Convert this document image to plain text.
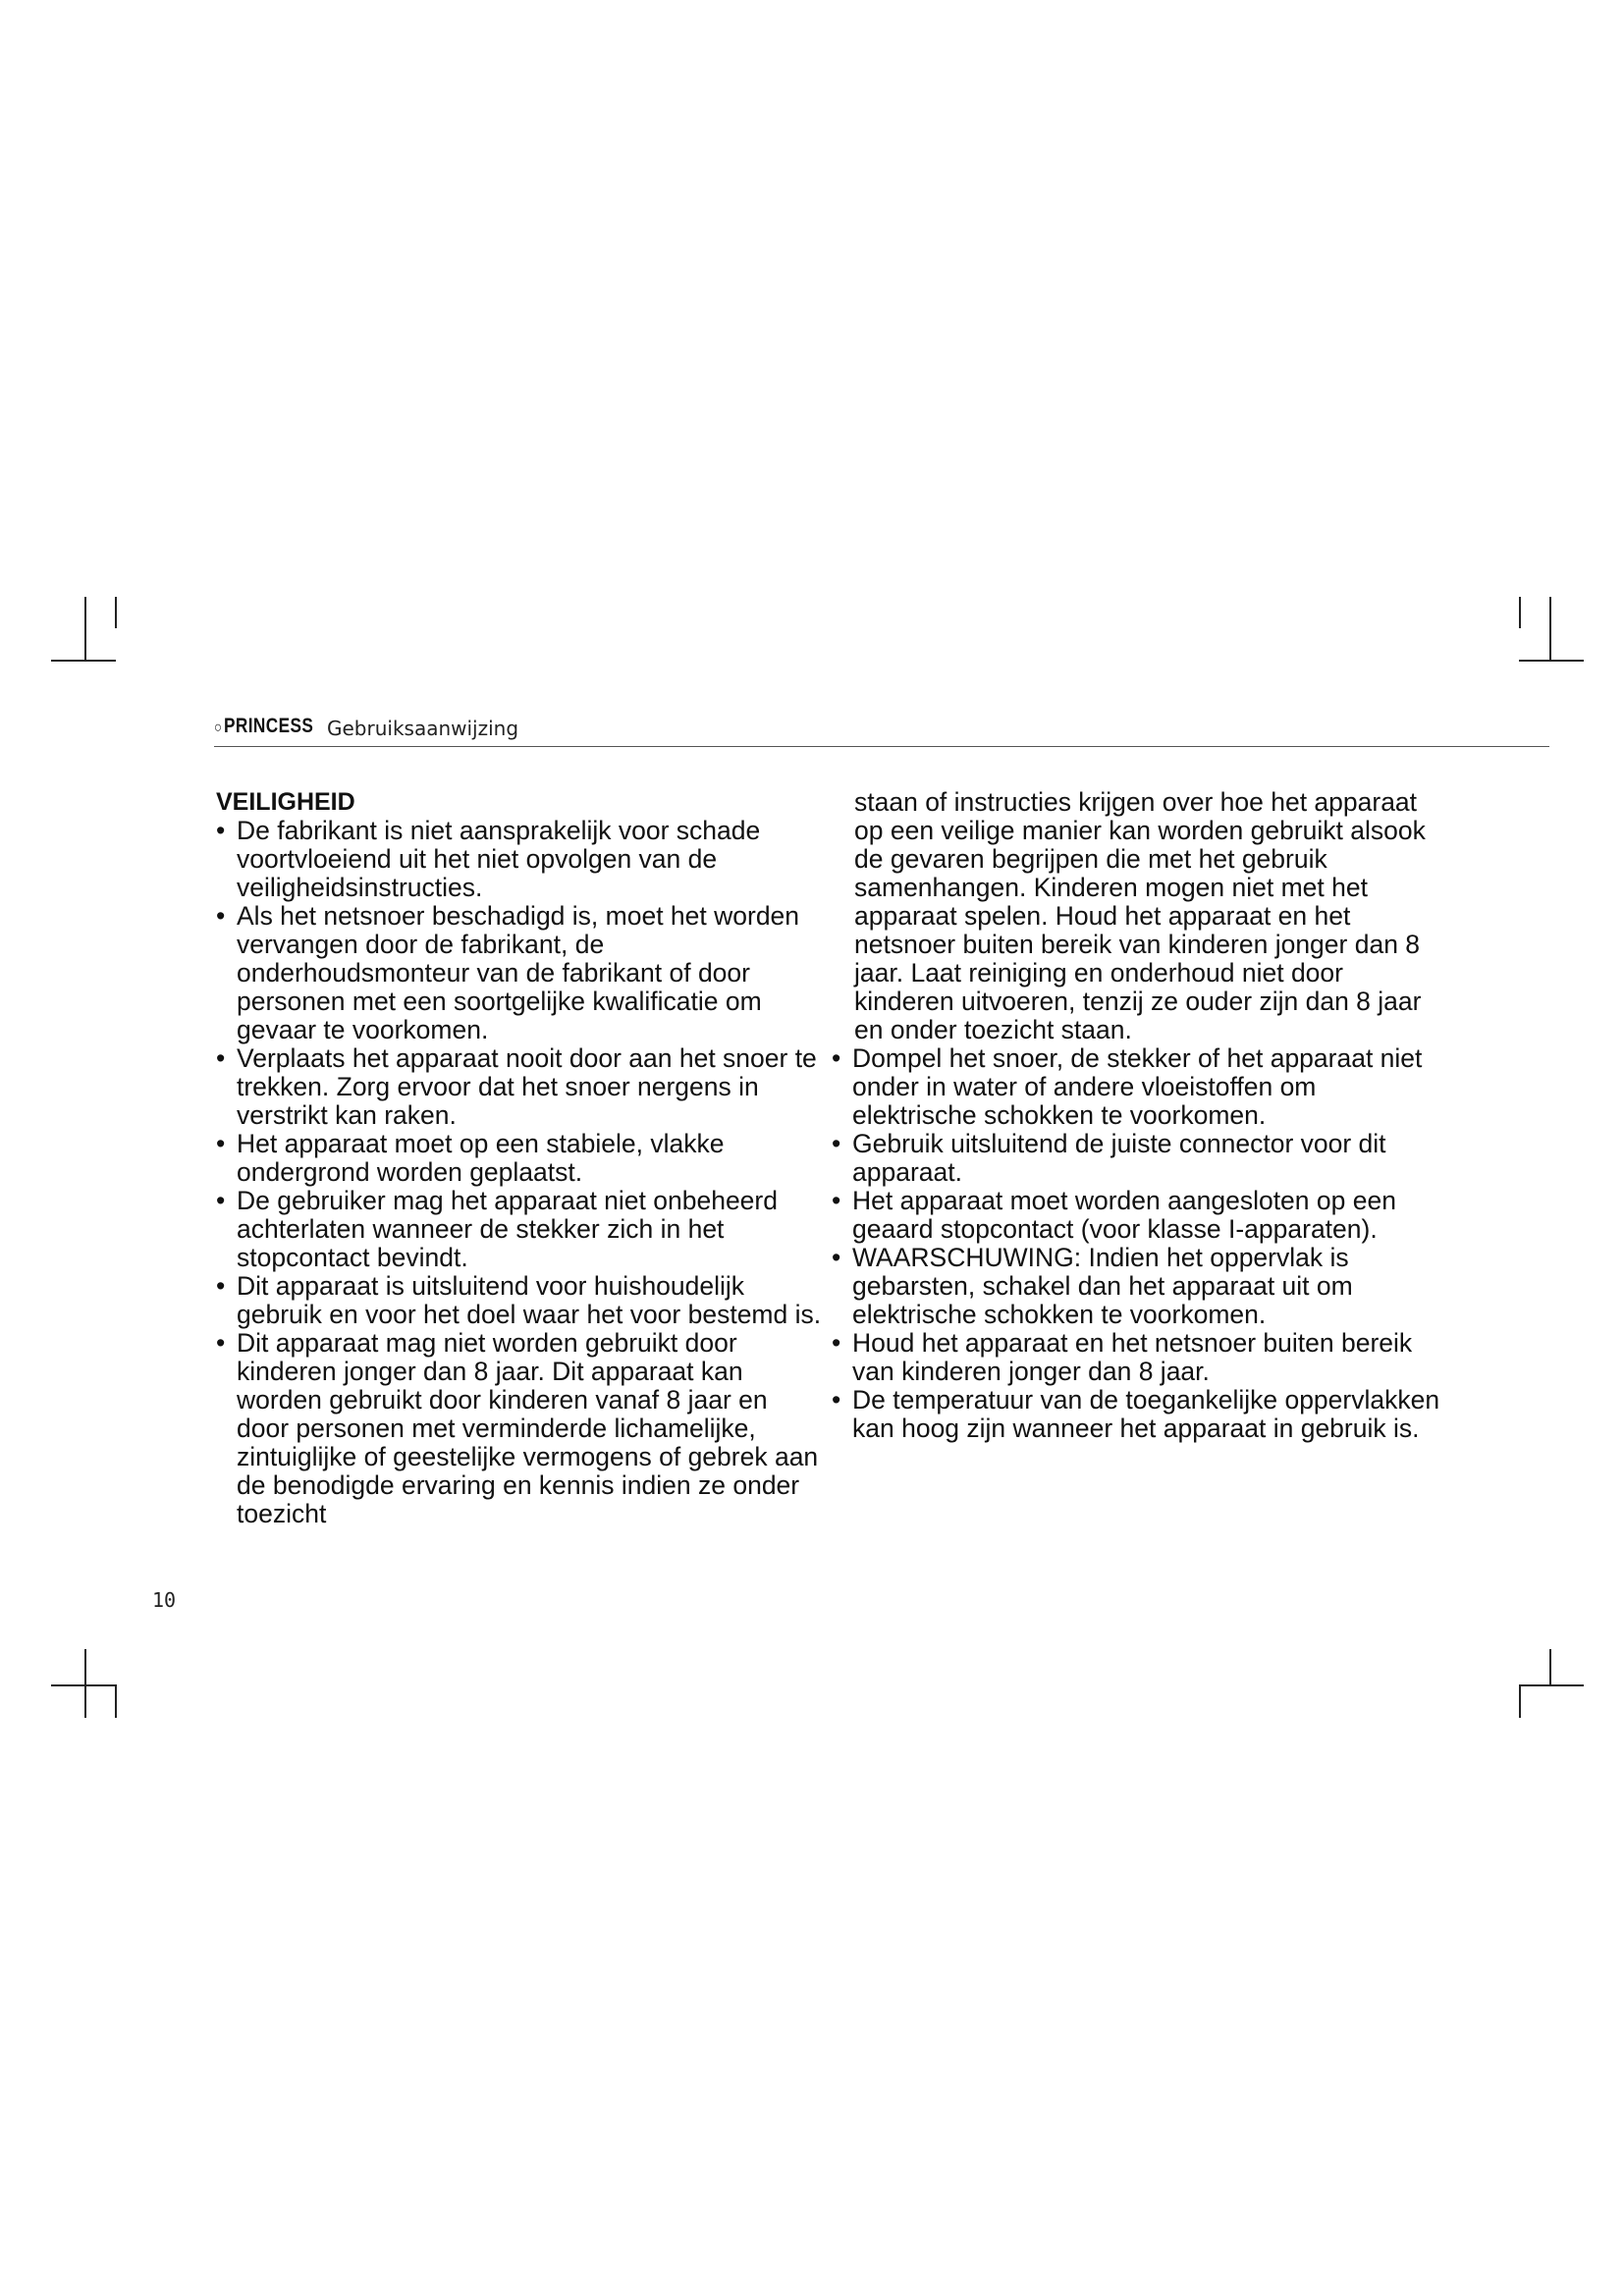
○PRINCESS Gebruiksaanwijzing
VEILIGHEID
• De fabrikant is niet aansprakelijk voor schade voortvloeiend uit het niet opvolgen van de veiligheidsinstructies.
• Als het netsnoer beschadigd is, moet het worden vervangen door de fabrikant, de onderhoudsmonteur van de fabrikant of door personen met een soortgelijke kwalificatie om gevaar te voorkomen.
• Verplaats het apparaat nooit door aan het snoer te trekken. Zorg ervoor dat het snoer nergens in verstrikt kan raken.
• Het apparaat moet op een stabiele, vlakke ondergrond worden geplaatst.
• De gebruiker mag het apparaat niet onbeheerd achterlaten wanneer de stekker zich in het stopcontact bevindt.
• Dit apparaat is uitsluitend voor huishoudelijk gebruik en voor het doel waar het voor bestemd is.
• Dit apparaat mag niet worden gebruikt door kinderen jonger dan 8 jaar. Dit apparaat kan worden gebruikt door kinderen vanaf 8 jaar en door personen met verminderde lichamelijke, zintuiglijke of geestelijke vermogens of gebrek aan de benodigde ervaring en kennis indien ze onder toezicht
staan of instructies krijgen over hoe het apparaat op een veilige manier kan worden gebruikt alsook de gevaren begrijpen die met het gebruik samenhangen. Kinderen mogen niet met het apparaat spelen. Houd het apparaat en het netsnoer buiten bereik van kinderen jonger dan 8 jaar. Laat reiniging en onderhoud niet door kinderen uitvoeren, tenzij ze ouder zijn dan 8 jaar en onder toezicht staan.
• Dompel het snoer, de stekker of het apparaat niet onder in water of andere vloeistoffen om elektrische schokken te voorkomen.
• Gebruik uitsluitend de juiste connector voor dit apparaat.
• Het apparaat moet worden aangesloten op een geaard stopcontact (voor klasse I-apparaten).
• WAARSCHUWING: Indien het oppervlak is gebarsten, schakel dan het apparaat uit om elektrische schokken te voorkomen.
• Houd het apparaat en het netsnoer buiten bereik van kinderen jonger dan 8 jaar.
• De temperatuur van de toegankelijke oppervlakken kan hoog zijn wanneer het apparaat in gebruik is.
10
